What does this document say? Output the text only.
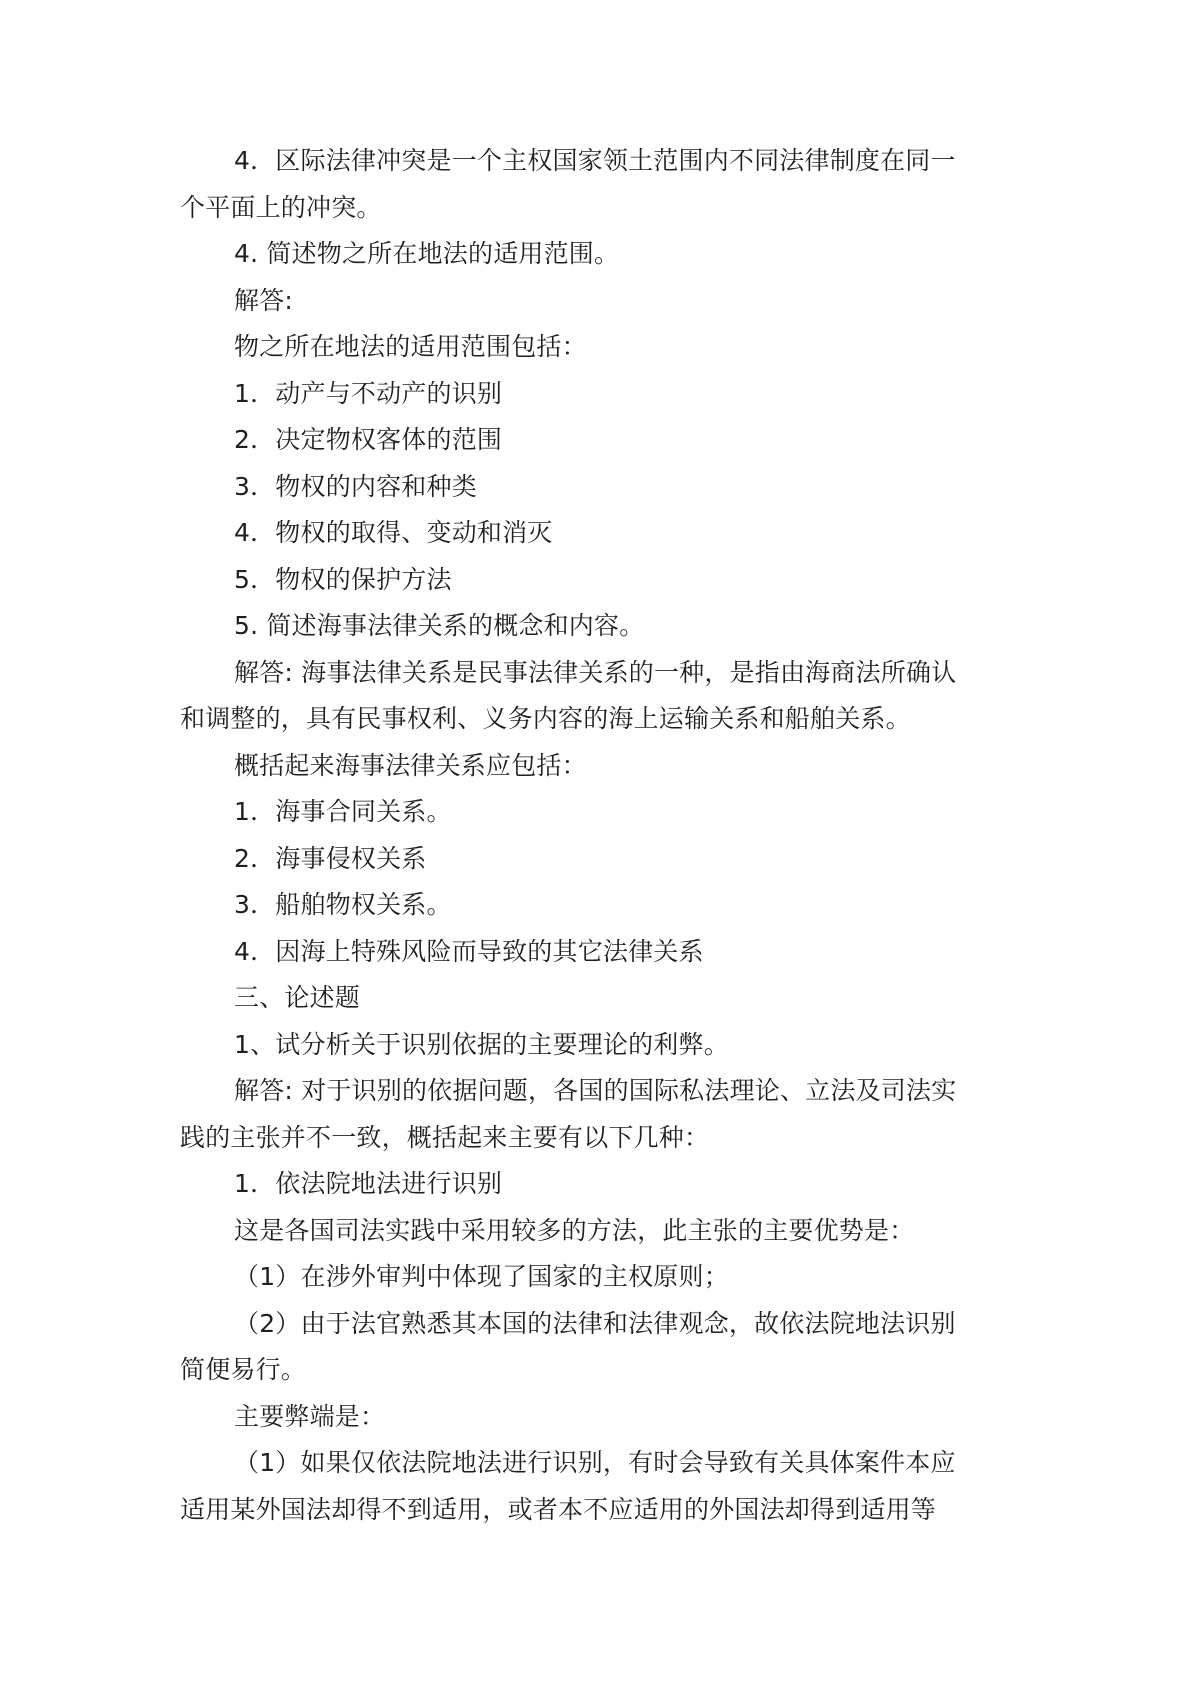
4．区际法律冲突是一个主权国家领土范围内不同法律制度在同一
个平面上的冲突。
4. 简述物之所在地法的适用范围。
解答:
物之所在地法的适用范围包括：
1．动产与不动产的识别
2．决定物权客体的范围
3．物权的内容和种类
4．物权的取得、变动和消灭
5．物权的保护方法
5. 简述海事法律关系的概念和内容。
解答: 海事法律关系是民事法律关系的一种，是指由海商法所确认
和调整的，具有民事权利、义务内容的海上运输关系和船舶关系。
概括起来海事法律关系应包括：
1．海事合同关系。
2．海事侵权关系
3．船舶物权关系。
4．因海上特殊风险而导致的其它法律关系
三、论述题
1、试分析关于识别依据的主要理论的利弊。
解答: 对于识别的依据问题，各国的国际私法理论、立法及司法实
践的主张并不一致，概括起来主要有以下几种：
1．依法院地法进行识别
这是各国司法实践中采用较多的方法，此主张的主要优势是：
（1）在涉外审判中体现了国家的主权原则；
（2）由于法官熟悉其本国的法律和法律观念，故依法院地法识别
简便易行。
主要弊端是：
（1）如果仅依法院地法进行识别，有时会导致有关具体案件本应
适用某外国法却得不到适用，或者本不应适用的外国法却得到适用等
